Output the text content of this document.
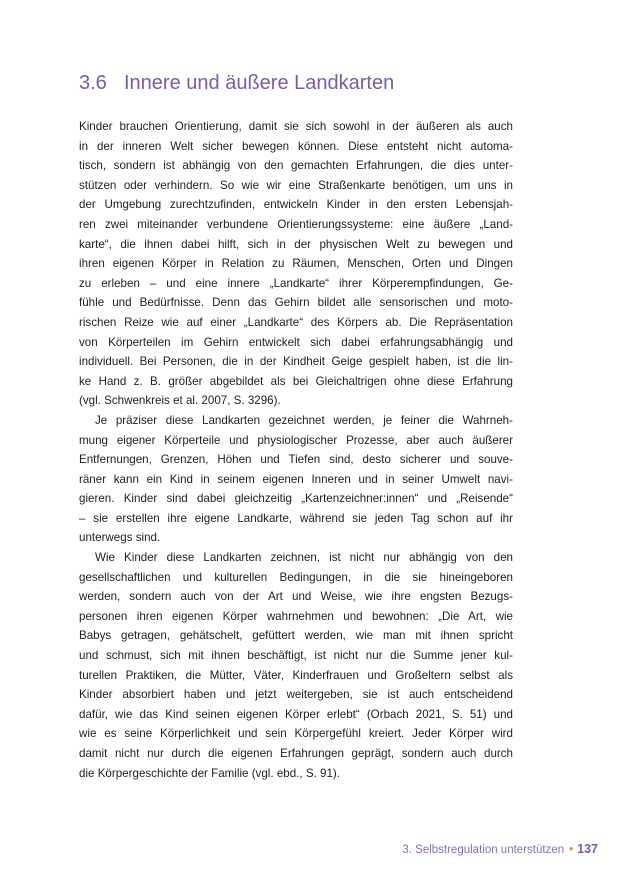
3.6 Innere und äußere Landkarten
Kinder brauchen Orientierung, damit sie sich sowohl in der äußeren als auch
in der inneren Welt sicher bewegen können. Diese entsteht nicht automa-
tisch, sondern ist abhängig von den gemachten Erfahrungen, die dies unter-
stützen oder verhindern. So wie wir eine Straßenkarte benötigen, um uns in
der Umgebung zurechtzufinden, entwickeln Kinder in den ersten Lebensjah-
ren zwei miteinander verbundene Orientierungssysteme: eine äußere „Land-
karte“, die ihnen dabei hilft, sich in der physischen Welt zu bewegen und
ihren eigenen Körper in Relation zu Räumen, Menschen, Orten und Dingen
zu erleben – und eine innere „Landkarte“ ihrer Körperempfindungen, Ge-
fühle und Bedürfnisse. Denn das Gehirn bildet alle sensorischen und moto-
rischen Reize wie auf einer „Landkarte“ des Körpers ab. Die Repräsentation
von Körperteilen im Gehirn entwickelt sich dabei erfahrungsabhängig und
individuell. Bei Personen, die in der Kindheit Geige gespielt haben, ist die lin-
ke Hand z. B. größer abgebildet als bei Gleichaltrigen ohne diese Erfahrung
(vgl. Schwenkreis et al. 2007, S. 3296).
Je präziser diese Landkarten gezeichnet werden, je feiner die Wahrneh-
mung eigener Körperteile und physiologischer Prozesse, aber auch äußerer
Entfernungen, Grenzen, Höhen und Tiefen sind, desto sicherer und souve-
räner kann ein Kind in seinem eigenen Inneren und in seiner Umwelt navi-
gieren. Kinder sind dabei gleichzeitig „Kartenzeichner:innen“ und „Reisende“
– sie erstellen ihre eigene Landkarte, während sie jeden Tag schon auf ihr
unterwegs sind.
Wie Kinder diese Landkarten zeichnen, ist nicht nur abhängig von den
gesellschaftlichen und kulturellen Bedingungen, in die sie hineingeboren
werden, sondern auch von der Art und Weise, wie ihre engsten Bezugs-
personen ihren eigenen Körper wahrnehmen und bewohnen: „Die Art, wie
Babys getragen, gehätschelt, gefüttert werden, wie man mit ihnen spricht
und schmust, sich mit ihnen beschäftigt, ist nicht nur die Summe jener kul-
turellen Praktiken, die Mütter, Väter, Kinderfrauen und Großeltern selbst als
Kinder absorbiert haben und jetzt weitergeben, sie ist auch entscheidend
dafür, wie das Kind seinen eigenen Körper erlebt“ (Orbach 2021, S. 51) und
wie es seine Körperlichkeit und sein Körpergefühl kreiert. Jeder Körper wird
damit nicht nur durch die eigenen Erfahrungen geprägt, sondern auch durch
die Körpergeschichte der Familie (vgl. ebd., S. 91).
3. Selbstregulation unterstützen • 137
